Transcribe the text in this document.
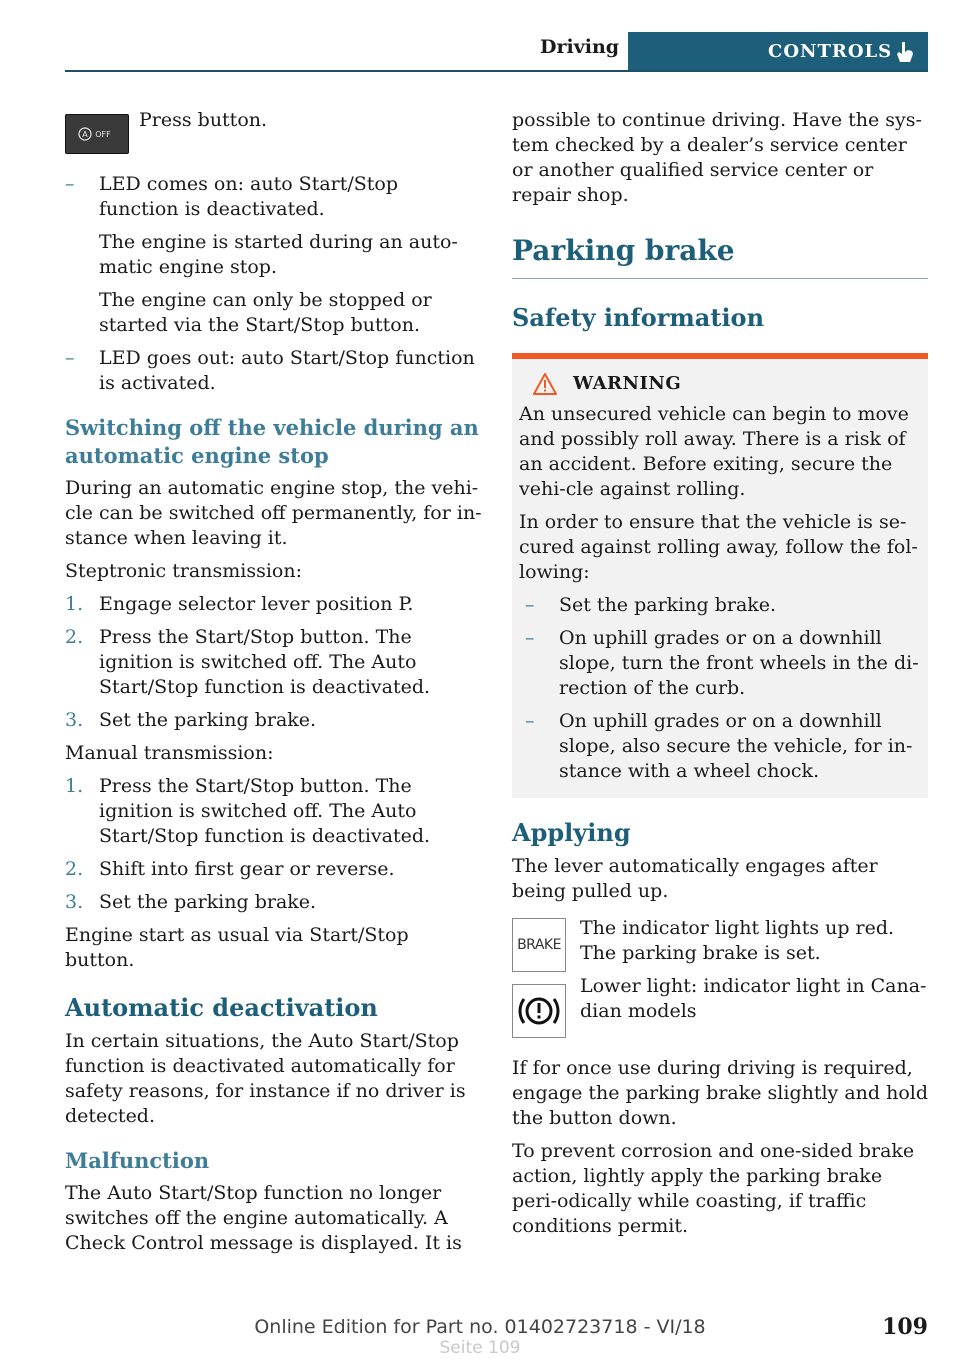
Driving	CONTROLS
A OFF

Press button.

– LED comes on: auto Start/Stop function is deactivated.
The engine is started during an auto‐matic engine stop.
The engine can only be stopped or started via the Start/Stop button.
– LED goes out: auto Start/Stop function is activated.
Switching off the vehicle during an automatic engine stop

During an automatic engine stop, the vehi‐cle can be switched off permanently, for in‐stance when leaving it.

Steptronic transmission:

1. Engage selector lever position P.
2. Press the Start/Stop button. The ignition is switched off. The Auto Start/Stop function is deactivated.
3. Set the parking brake.

Manual transmission:

1. Press the Start/Stop button. The ignition is switched off. The Auto Start/Stop function is deactivated.
2. Shift into first gear or reverse.
3. Set the parking brake.

Engine start as usual via Start/Stop button.

Automatic deactivation

In certain situations, the Auto Start/Stop function is deactivated automatically for safety reasons, for instance if no driver is detected.

Malfunction

The Auto Start/Stop function no longer switches off the engine automatically. A Check Control message is displayed. It is

possible to continue driving. Have the sys‐tem checked by a dealer’s service center or another qualified service center or repair shop.

Parking brake
Safety information
WARNING

An unsecured vehicle can begin to move and possibly roll away. There is a risk of an accident. Before exiting, secure the vehi‐cle against rolling.

In order to ensure that the vehicle is se‐cured against rolling away, follow the fol‐lowing:

– Set the parking brake.
– On uphill grades or on a downhill slope, turn the front wheels in the di‐rection of the curb.
– On uphill grades or on a downhill slope, also secure the vehicle, for in‐stance with a wheel chock.
Applying

The lever automatically engages after being pulled up.

BRAKE

The indicator light lights up red. The parking brake is set.

Lower light: indicator light in Cana‐dian models

If for once use during driving is required, engage the parking brake slightly and hold the button down.

To prevent corrosion and one-sided brake action, lightly apply the parking brake peri‐odically while coasting, if traffic conditions permit.

Online Edition for Part no. 01402723718 - VI/18	109
Seite 109
